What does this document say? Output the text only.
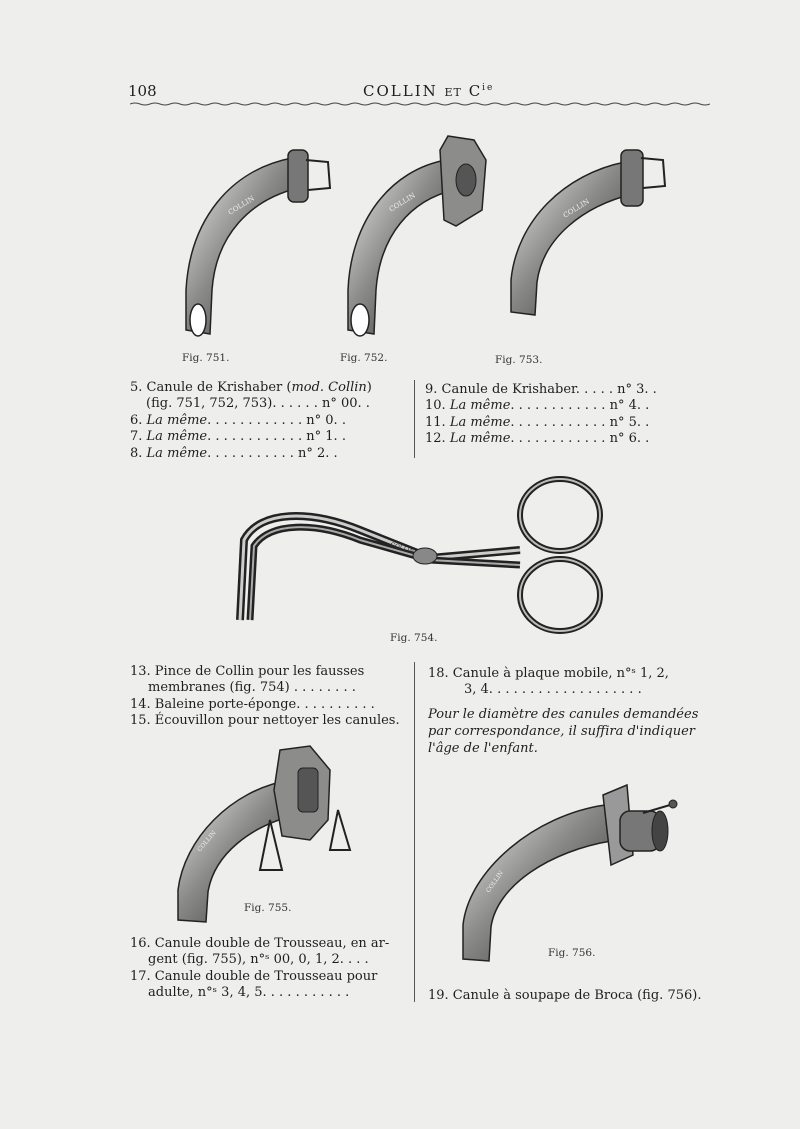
108	COLLIN ET $C^{ie}$
COLLIN	COLLIN	COLLIN
Fig. 751.	Fig. 752.	Fig. 753.
5. Canule de Krishaber (mod. Collin)
(fig. 751, 752, 753). . . . . . n° 00. .
6. La même. . . . . . . . . . . . n° 0. .
7. La même. . . . . . . . . . . . n° 1. .
8. La même. . . . . . . . . . . n° 2. .
9. Canule de Krishaber. . . . . n° 3. .
10. La même. . . . . . . . . . . . n° 4. .
11. La même. . . . . . . . . . . . n° 5. .
12. La même. . . . . . . . . . . . n° 6. .
COLLIN
Fig. 754.
13. Pince de Collin pour les fausses
membranes (fig. 754) . . . . . . . .
14. Baleine porte-éponge. . . . . . . . . .
15. Écouvillon pour nettoyer les canules.
18. Canule à plaque mobile, n°ˢ 1, 2,
3, 4. . . . . . . . . . . . . . . . . . .
Pour le diamètre des canules demandées par correspondance, il suffira d'indiquer l'âge de l'enfant.
COLLIN
Fig. 755.
COLLIN
Fig. 756.
16. Canule double de Trousseau, en ar-
gent (fig. 755), n°ˢ 00, 0, 1, 2. . . .
17. Canule double de Trousseau pour
adulte, n°ˢ 3, 4, 5. . . . . . . . . . .	19. Canule à soupape de Broca (fig. 756).
